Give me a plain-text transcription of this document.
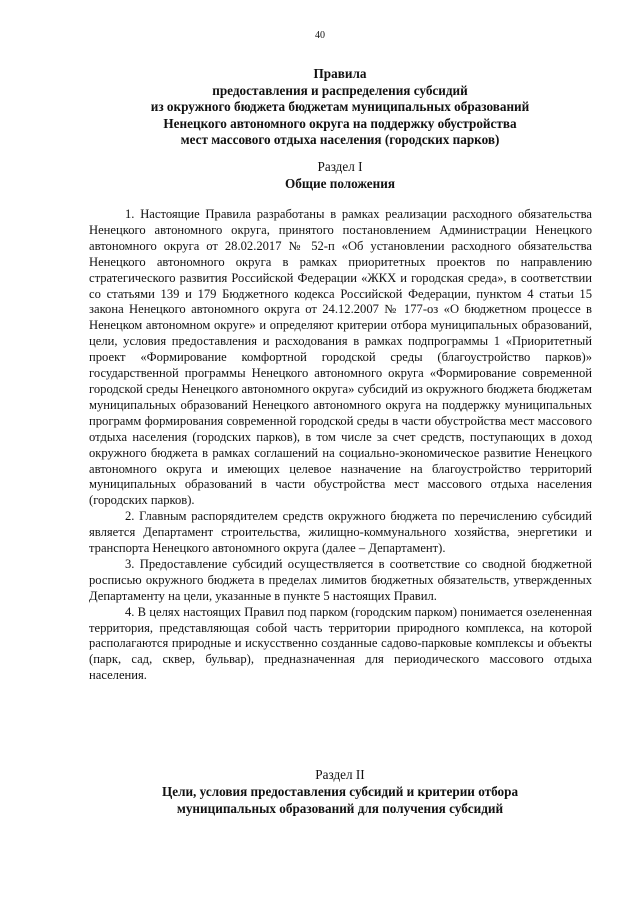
40
Правила
предоставления и распределения субсидий
из окружного бюджета бюджетам муниципальных образований
Ненецкого автономного округа на поддержку обустройства
мест массового отдыха населения (городских парков)
Раздел I
Общие положения

1. Настоящие Правила разработаны в рамках реализации расходного обязательства Ненецкого автономного округа, принятого постановлением Администрации Ненецкого автономного округа от 28.02.2017 № 52-п «Об установлении расходного обязательства Ненецкого автономного округа в рамках приоритетных проектов по направлению стратегического развития Российской Федерации «ЖКХ и городская среда», в соответствии со статьями 139 и 179 Бюджетного кодекса Российской Федерации, пунктом 4 статьи 15 закона Ненецкого автономного округа от 24.12.2007 № 177-оз «О бюджетном процессе в Ненецком автономном округе» и определяют критерии отбора муниципальных образований, цели, условия предоставления и расходования в рамках подпрограммы 1 «Приоритетный проект «Формирование комфортной городской среды (благоустройство парков)» государственной программы Ненецкого автономного округа «Формирование современной городской среды Ненецкого автономного округа» субсидий из окружного бюджета бюджетам муниципальных образований Ненецкого автономного округа на поддержку муниципальных программ формирования современной городской среды в части обустройства мест массового отдыха населения (городских парков), в том числе за счет средств, поступающих в доход окружного бюджета в рамках соглашений на социально-экономическое развитие Ненецкого автономного округа и имеющих целевое назначение на благоустройство территорий муниципальных образований в части обустройства мест массового отдыха населения (городских парков).

2. Главным распорядителем средств окружного бюджета по перечислению субсидий является Департамент строительства, жилищно-коммунального хозяйства, энергетики и транспорта Ненецкого автономного округа (далее – Департамент).

3. Предоставление субсидий осуществляется в соответствие со сводной бюджетной росписью окружного бюджета в пределах лимитов бюджетных обязательств, утвержденных Департаменту на цели, указанные в пункте 5 настоящих Правил.

4. В целях настоящих Правил под парком (городским парком) понимается озелененная территория, представляющая собой часть территории природного комплекса, на которой располагаются природные и искусственно созданные садово-парковые комплексы и объекты (парк, сад, сквер, бульвар), предназначенная для периодического массового отдыха населения.

Раздел II
Цели, условия предоставления субсидий и критерии отбора
муниципальных образований для получения субсидий
